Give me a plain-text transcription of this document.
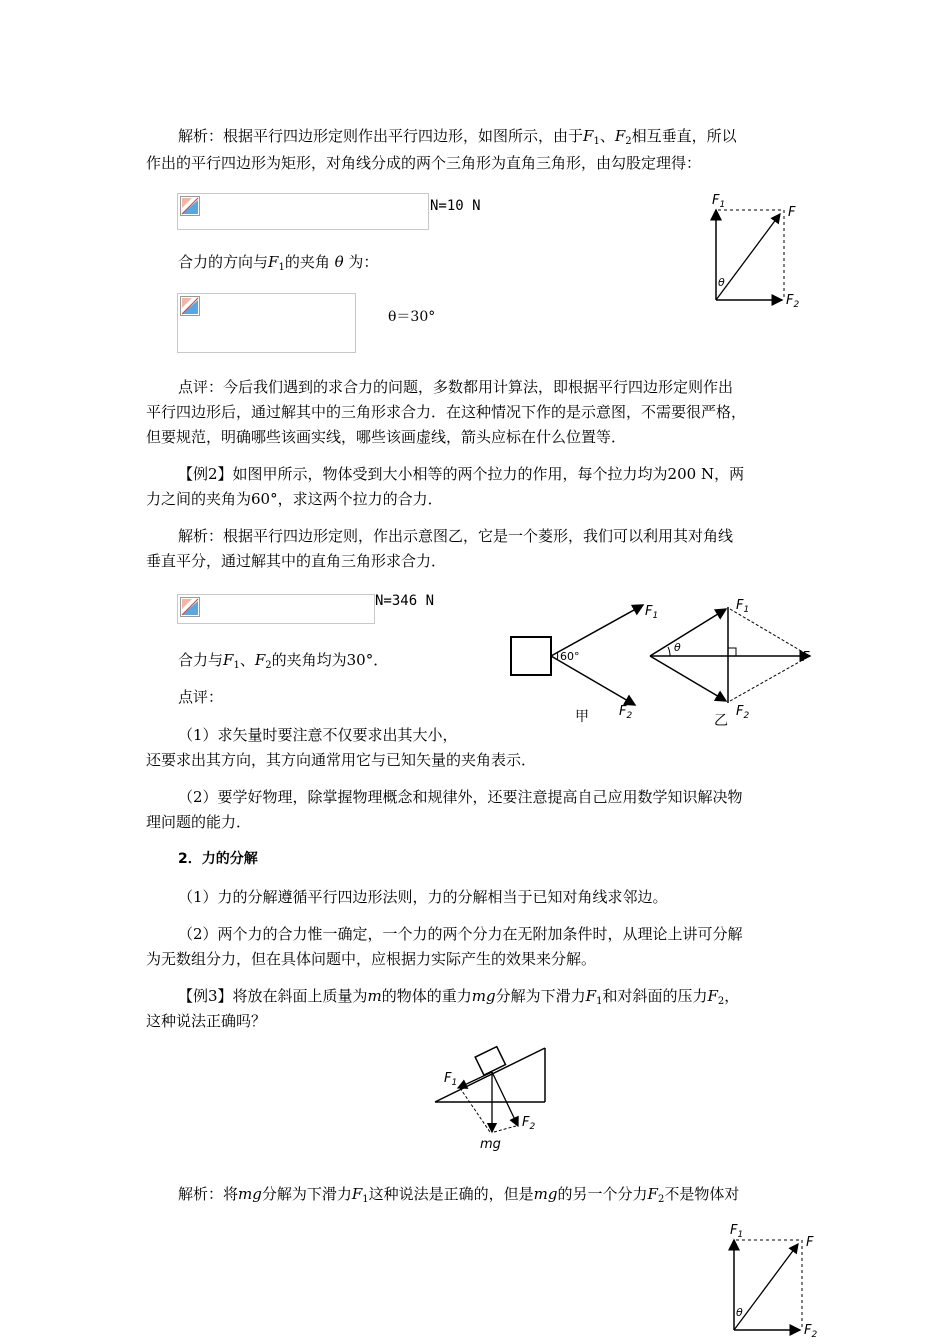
解析：根据平行四边形定则作出平行四边形，如图所示，由于$F_1$、$F_2$相互垂直，所以
作出的平行四边形为矩形，对角线分成的两个三角形为直角三角形，由勾股定理得：
N=10 N	$F_1$	F
$F_2$
θ
合力的方向与$F_1$的夹角 θ 为：
θ＝30°
点评：今后我们遇到的求合力的问题，多数都用计算法，即根据平行四边形定则作出
平行四边形后，通过解其中的三角形求合力．在这种情况下作的是示意图，不需要很严格，
但要规范，明确哪些该画实线，哪些该画虚线，箭头应标在什么位置等．
【例2】如图甲所示，物体受到大小相等的两个拉力的作用，每个拉力均为200 N，两
力之间的夹角为60°，求这两个拉力的合力．
解析：根据平行四边形定则，作出示意图乙，它是一个菱形，我们可以利用其对角线
垂直平分，通过解其中的直角三角形求合力．
N=346 N
合力与$F_1$、$F_2$的夹角均为30°．
点评：
（1）求矢量时要注意不仅要求出其大小，
还要求出其方向，其方向通常用它与已知矢量的夹角表示．
60°
$F_1$
$F_2$
甲
θ
$F_1$
$F_2$
F
乙
（2）要学好物理，除掌握物理概念和规律外，还要注意提高自己应用数学知识解决物
理问题的能力．
2．力的分解
（1）力的分解遵循平行四边形法则，力的分解相当于已知对角线求邻边。
（2）两个力的合力惟一确定，一个力的两个分力在无附加条件时，从理论上讲可分解
为无数组分力，但在具体问题中，应根据力实际产生的效果来分解。
【例3】将放在斜面上质量为m的物体的重力mg分解为下滑力$F_1$和对斜面的压力$F_2$，
这种说法正确吗？
$F_1$
$F_2$
mg
解析：将mg分解为下滑力$F_1$这种说法是正确的，但是mg的另一个分力$F_2$不是物体对
$F_1$	F
$F_2$
θ
